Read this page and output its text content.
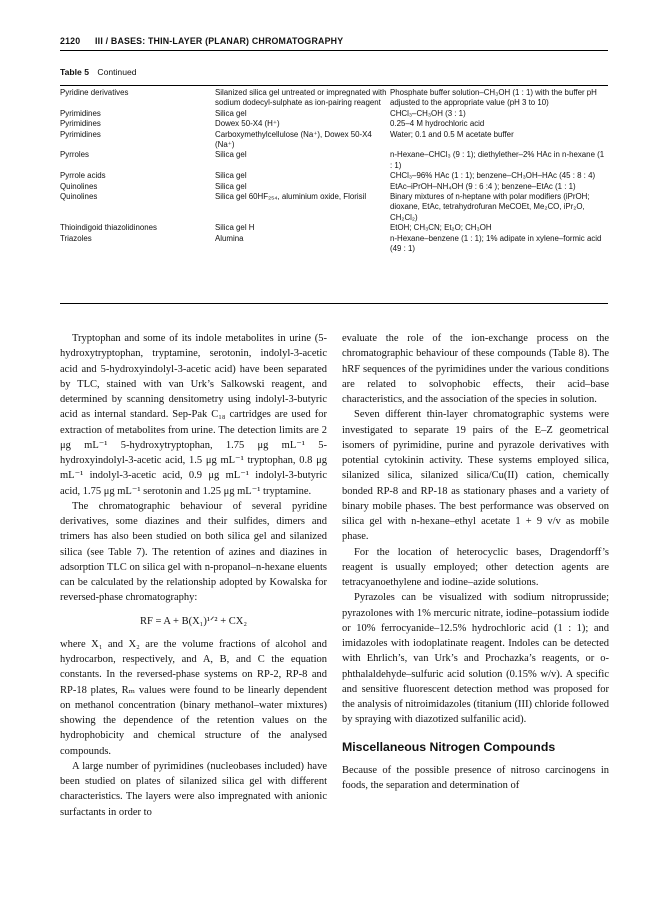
2120 III / BASES: THIN-LAYER (PLANAR) CHROMATOGRAPHY
Table 5 Continued
Pyridine derivatives	Silanized silica gel untreated or impregnated with sodium dodecyl-sulphate as ion-pairing reagent	Phosphate buffer solution–CH₃OH (1 : 1) with the buffer pH adjusted to the appropriate value (pH 3 to 10)
Pyrimidines	Silica gel	CHCl₃–CH₃OH (3 : 1)
Pyrimidines	Dowex 50-X4 (H⁺)	0.25–4 M hydrochloric acid
Pyrimidines	Carboxymethylcellulose (Na⁺), Dowex 50-X4 (Na⁺)	Water; 0.1 and 0.5 M acetate buffer
Pyrroles	Silica gel	n-Hexane–CHCl₃ (9 : 1); diethylether–2% HAc in n-hexane (1 : 1)
Pyrrole acids	Silica gel	CHCl₃–96% HAc (1 : 1); benzene–CH₃OH–HAc (45 : 8 : 4)
Quinolines	Silica gel	EtAc–iPrOH–NH₄OH (9 : 6 :4 ); benzene–EtAc (1 : 1)
Quinolines	Silica gel 60HF₂₅₄, aluminium oxide, Florisil	Binary mixtures of n-heptane with polar modifiers (iPrOH; dioxane, EtAc, tetrahydrofuran MeCOEt, Me₂CO, iPr₂O, CH₂Cl₂)
Thioindigoid thiazolidinones	Silica gel H	EtOH; CH₃CN; Et₂O; CH₃OH
Triazoles	Alumina	n-Hexane–benzene (1 : 1); 1% adipate in xylene–formic acid (49 : 1)

Tryptophan and some of its indole metabolites in urine (5-hydroxytryptophan, tryptamine, serotonin, indolyl-3-acetic acid and 5-hydroxyindolyl-3-acetic acid) have been separated by TLC, stained with van Urk’s Salkowski reagent, and determined by scanning densitometry using indolyl-3-butyric acid as internal standard. Sep-Pak C₁₈ cartridges are used for extraction of metabolites from urine. The detection limits are 2 μg mL⁻¹ 5-hydroxytryptophan, 1.75 μg mL⁻¹ 5-hydroxyindolyl-3-acetic acid, 1.5 μg mL⁻¹ tryptophan, 0.8 μg mL⁻¹ indolyl-3-acetic acid, 0.9 μg mL⁻¹ indolyl-3-butyric acid, 1.75 μg mL⁻¹ serotonin and 1.25 μg mL⁻¹ tryptamine.

The chromatographic behaviour of several pyridine derivatives, some diazines and their sulfides, dimers and trimers has also been studied on both silica gel and silanized silica (see Table 7). The retention of azines and diazines in adsorption TLC on silica gel with n-propanol–n-hexane eluents can be calculated by the relationship adopted by Kowalska for reversed-phase chromatography:

RF = A + B(X₁)¹ᐟ² + CX₂

where X₁ and X₂ are the volume fractions of alcohol and hydrocarbon, respectively, and A, B, and C the equation constants. In the reversed-phase systems on RP-2, RP-8 and RP-18 plates, Rₘ values were found to be linearly dependent on methanol concentration (binary methanol–water mixtures) showing the dependence of the retention values on the hydrophobicity and chemical structure of the analysed compounds.

A large number of pyrimidines (nucleobases included) have been studied on plates of silanized silica gel with different characteristics. The layers were also impregnated with anionic surfactants in order to

evaluate the role of the ion-exchange process on the chromatographic behaviour of these compounds (Table 8). The hRF sequences of the pyrimidines under the various conditions are related to solvophobic effects, their acid–base characteristics, and the association of the species in solution.

Seven different thin-layer chromatographic systems were investigated to separate 19 pairs of the E–Z geometrical isomers of pyrimidine, purine and pyrazole derivatives with potential cytokinin activity. These systems employed silica, silanized silica, silanized silica/Cu(II) cation, chemically bonded RP-8 and RP-18 as stationary phases and a variety of binary mobile phases. The best performance was observed on silica gel with n-hexane–ethyl acetate 1 + 9 v/v as mobile phase.

For the location of heterocyclic bases, Dragendorff’s reagent is usually employed; other detection agents are tetracyanoethylene and iodine–azide solutions.

Pyrazoles can be visualized with sodium nitroprusside; pyrazolones with 1% mercuric nitrate, iodine–potassium iodide or 10% ferrocyanide–12.5% hydrochloric acid (1 : 1); and imidazoles with iodoplatinate reagent. Indoles can be detected with Ehrlich’s, van Urk’s and Prochazka’s reagents, or o-phthalaldehyde–sulfuric acid solution (0.15% w/v). A specific and sensitive fluorescent detection method was proposed for the analysis of nitroimidazoles (titanium (III) chloride followed by spraying with diazotized sulfanilic acid).

Miscellaneous Nitrogen Compounds

Because of the possible presence of nitroso carcinogens in foods, the separation and determination of
